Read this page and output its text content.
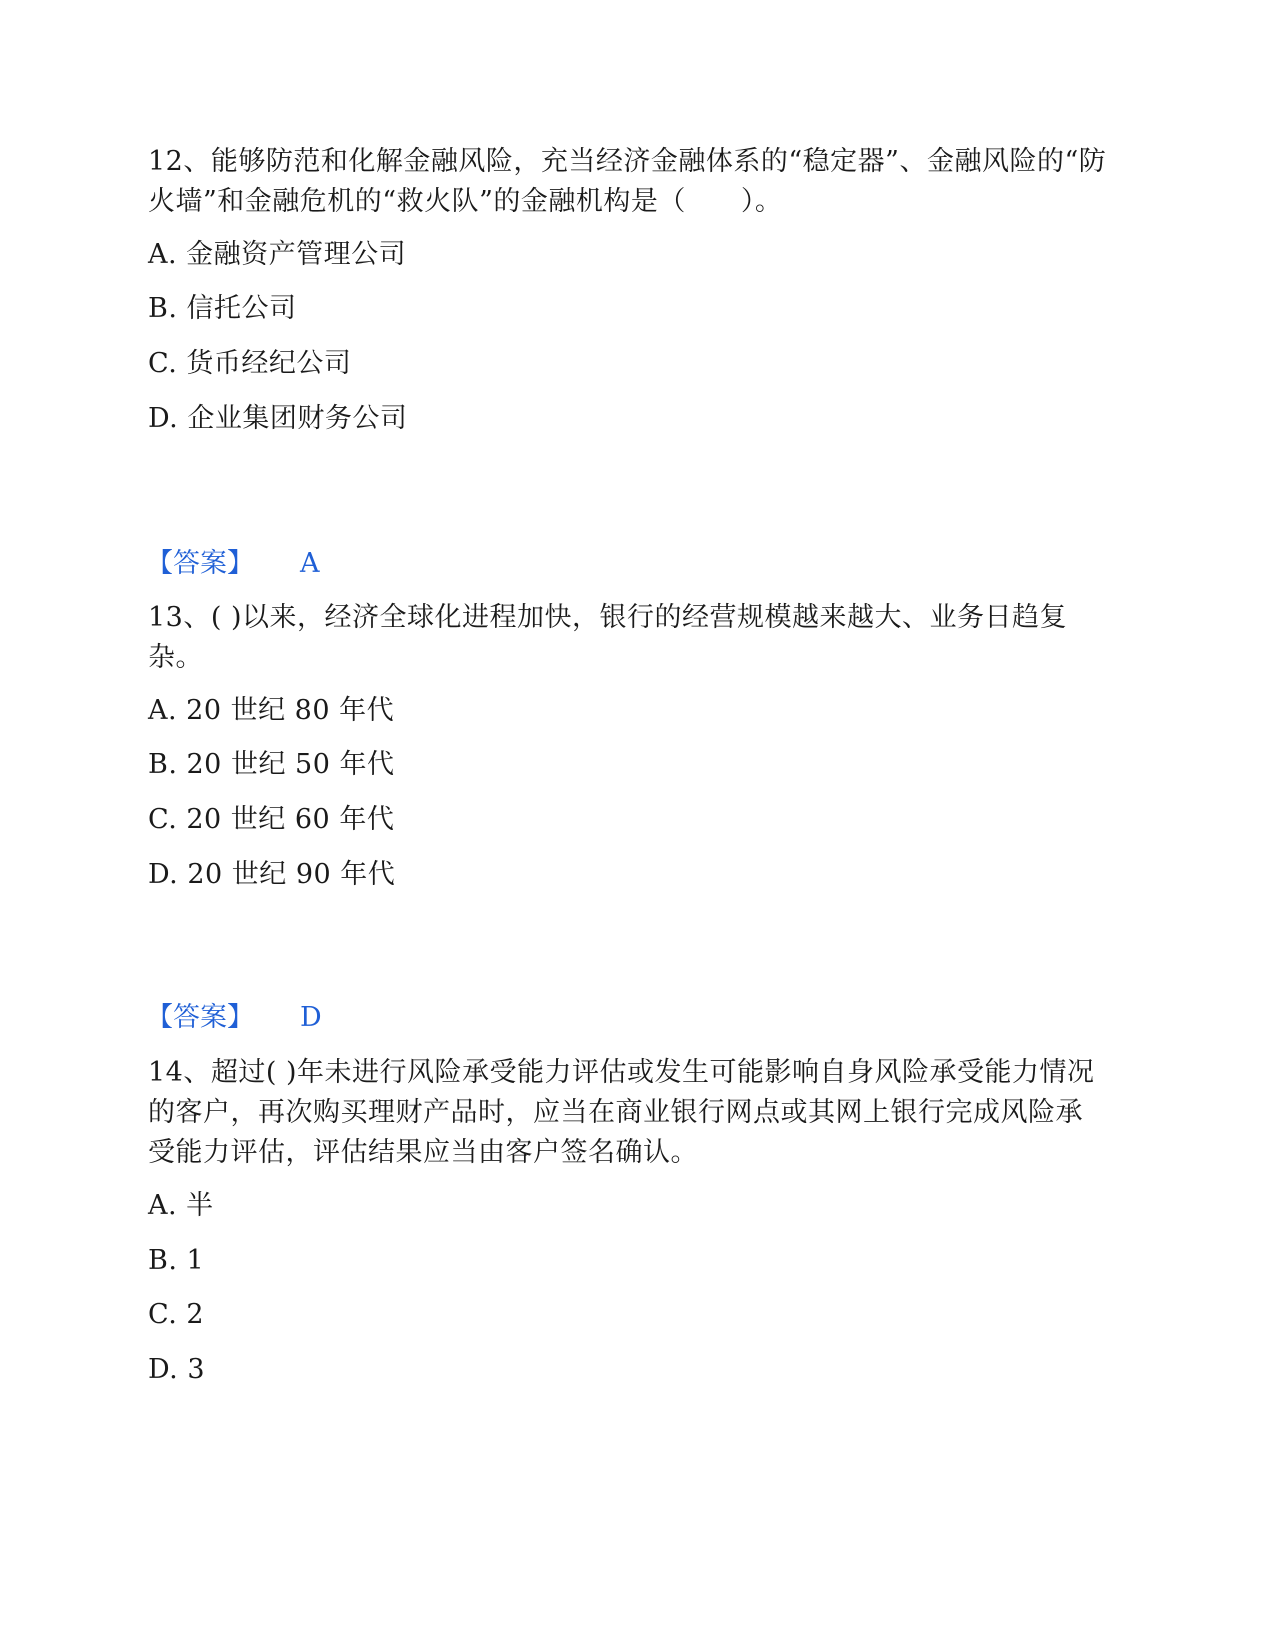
12、能够防范和化解金融风险，充当经济金融体系的“稳定器”、金融风险的“防火墙”和金融危机的“救火队”的金融机构是（　　）。
A. 金融资产管理公司
B. 信托公司
C. 货币经纪公司
D. 企业集团财务公司
【答案】 A
13、( )以来，经济全球化进程加快，银行的经营规模越来越大、业务日趋复杂。
A. 20 世纪 80 年代
B. 20 世纪 50 年代
C. 20 世纪 60 年代
D. 20 世纪 90 年代
【答案】 D
14、超过( )年未进行风险承受能力评估或发生可能影响自身风险承受能力情况的客户，再次购买理财产品时，应当在商业银行网点或其网上银行完成风险承受能力评估，评估结果应当由客户签名确认。
A. 半
B. 1
C. 2
D. 3
